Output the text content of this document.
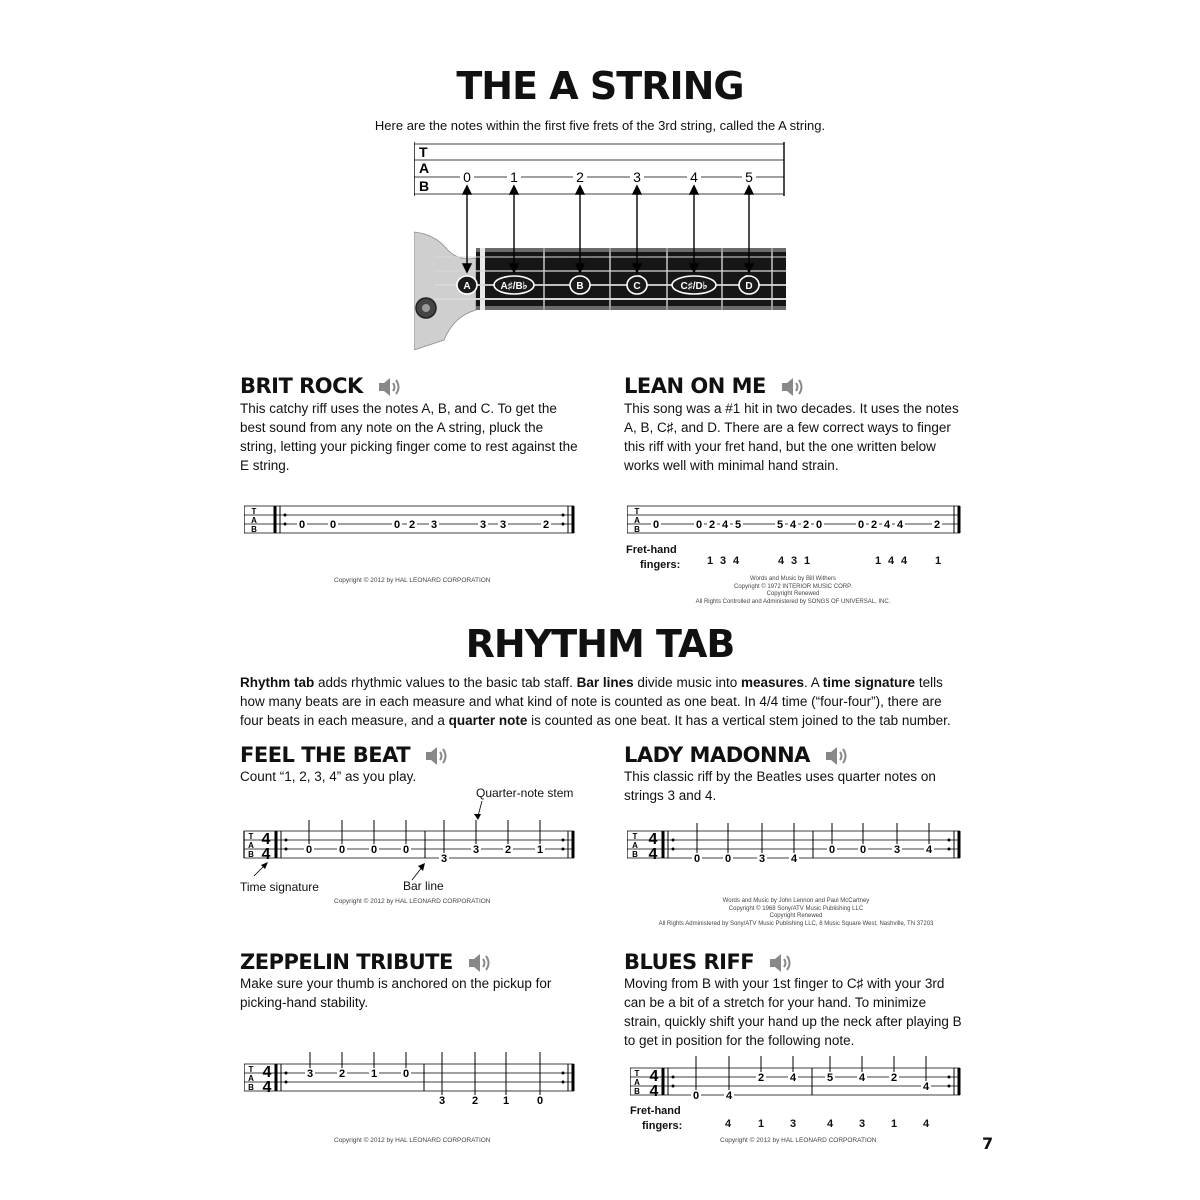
THE A STRING
Here are the notes within the first five frets of the 3rd string, called the A string.
T
A
B
0	1	2	3	4	5
A	A♯/B♭	B	C	C♯/D♭	D
BRIT ROCK
This catchy riff uses the notes A, B, and C. To get the best sound from any note on the A string, pluck the string, letting your picking finger come to rest against the E string.
T
A
B	0 0	0 2 3	3 3	2
Copyright © 2012 by HAL LEONARD CORPORATION
LEAN ON ME
This song was a #1 hit in two decades. It uses the notes A, B, C♯, and D. There are a few correct ways to finger this riff with your fret hand, but the one written below works well with minimal hand strain.
T
A
B 0	0 2 4 5	5 4 2 0	0 2 4 4	2
Fret-hand
fingers: 1 3 4	4 3 1	1 4 4	1
Words and Music by Bill Withers
Copyright © 1972 INTERIOR MUSIC CORP.
Copyright Renewed
All Rights Controlled and Administered by SONGS OF UNIVERSAL, INC.
RHYTHM TAB
Rhythm tab adds rhythmic values to the basic tab staff. Bar lines divide music into measures. A time signature tells how many beats are in each measure and what kind of note is counted as one beat. In 4/4 time (“four-four”), there are four beats in each measure, and a quarter note is counted as one beat. It has a vertical stem joined to the tab number.
FEEL THE BEAT
Count “1, 2, 3, 4” as you play.
Quarter-note stem
T
A
B
4
4	0 0 0 0
3
3 2 1
Time signature	Bar line
Copyright © 2012 by HAL LEONARD CORPORATION
LADY MADONNA
This classic riff by the Beatles uses quarter notes on strings 3 and 4.
T
A
B
4
4	0 0	3 4
0 0	3 4
Words and Music by John Lennon and Paul McCartney
Copyright © 1968 Sony/ATV Music Publishing LLC
Copyright Renewed
All Rights Administered by Sony/ATV Music Publishing LLC, 8 Music Square West, Nashville, TN 37203
ZEPPELIN TRIBUTE
Make sure your thumb is anchored on the pickup for picking-hand stability.
T
A
B
4
4
3 2 1 0
3 2 1	0
Copyright © 2012 by HAL LEONARD CORPORATION
BLUES RIFF
Moving from B with your 1st finger to C♯ with your 3rd can be a bit of a stretch for your hand. To minimize strain, quickly shift your hand up the neck after playing B to get in position for the following note.
T
A
B
4
4	0 4
2 4	5 4 2
4
Fret-hand
fingers:	4 1 3	4 3 1 4
Copyright © 2012 by HAL LEONARD CORPORATION	7
